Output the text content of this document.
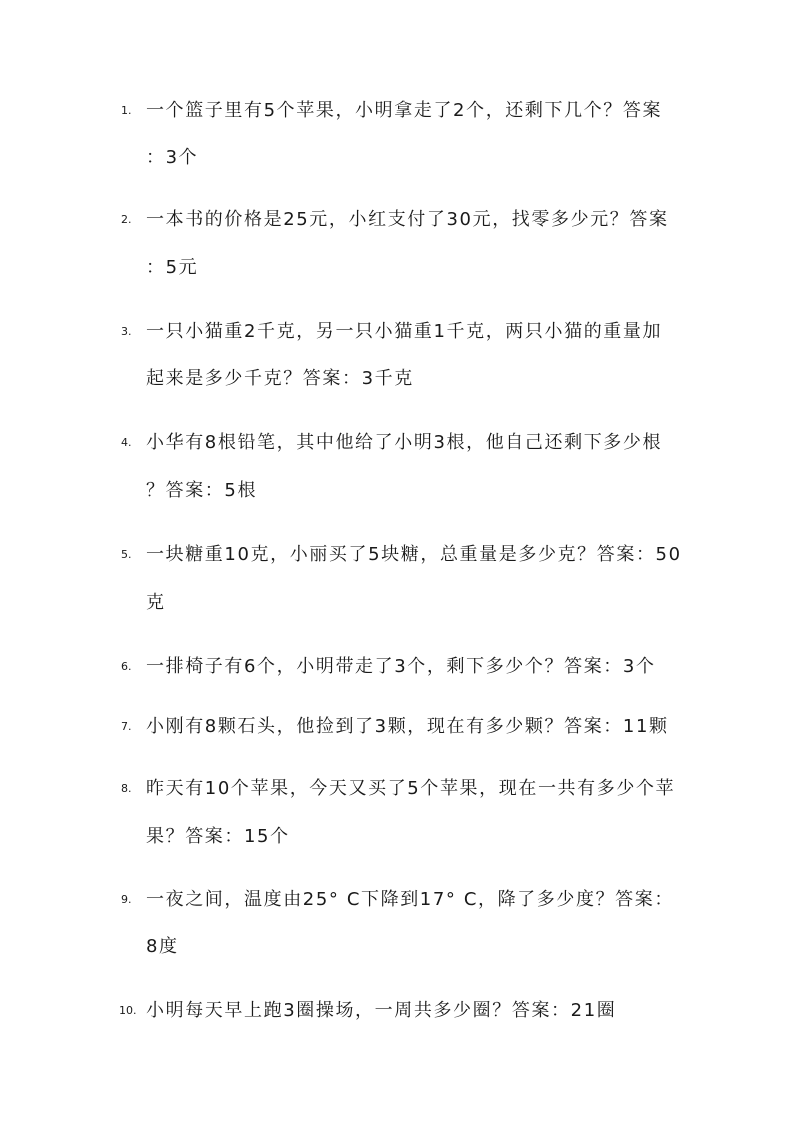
1. 一个篮子里有5个苹果，小明拿走了2个，还剩下几个？答案
：3个
2. 一本书的价格是25元，小红支付了30元，找零多少元？答案
：5元
3. 一只小猫重2千克，另一只小猫重1千克，两只小猫的重量加
起来是多少千克？答案：3千克
4. 小华有8根铅笔，其中他给了小明3根，他自己还剩下多少根
？答案：5根
5. 一块糖重10克，小丽买了5块糖，总重量是多少克？答案：50
克
6. 一排椅子有6个，小明带走了3个，剩下多少个？答案：3个
7. 小刚有8颗石头，他捡到了3颗，现在有多少颗？答案：11颗
8. 昨天有10个苹果，今天又买了5个苹果，现在一共有多少个苹
果？答案：15个
9. 一夜之间，温度由25° C下降到17° C，降了多少度？答案：
8度
10. 小明每天早上跑3圈操场，一周共多少圈？答案：21圈
